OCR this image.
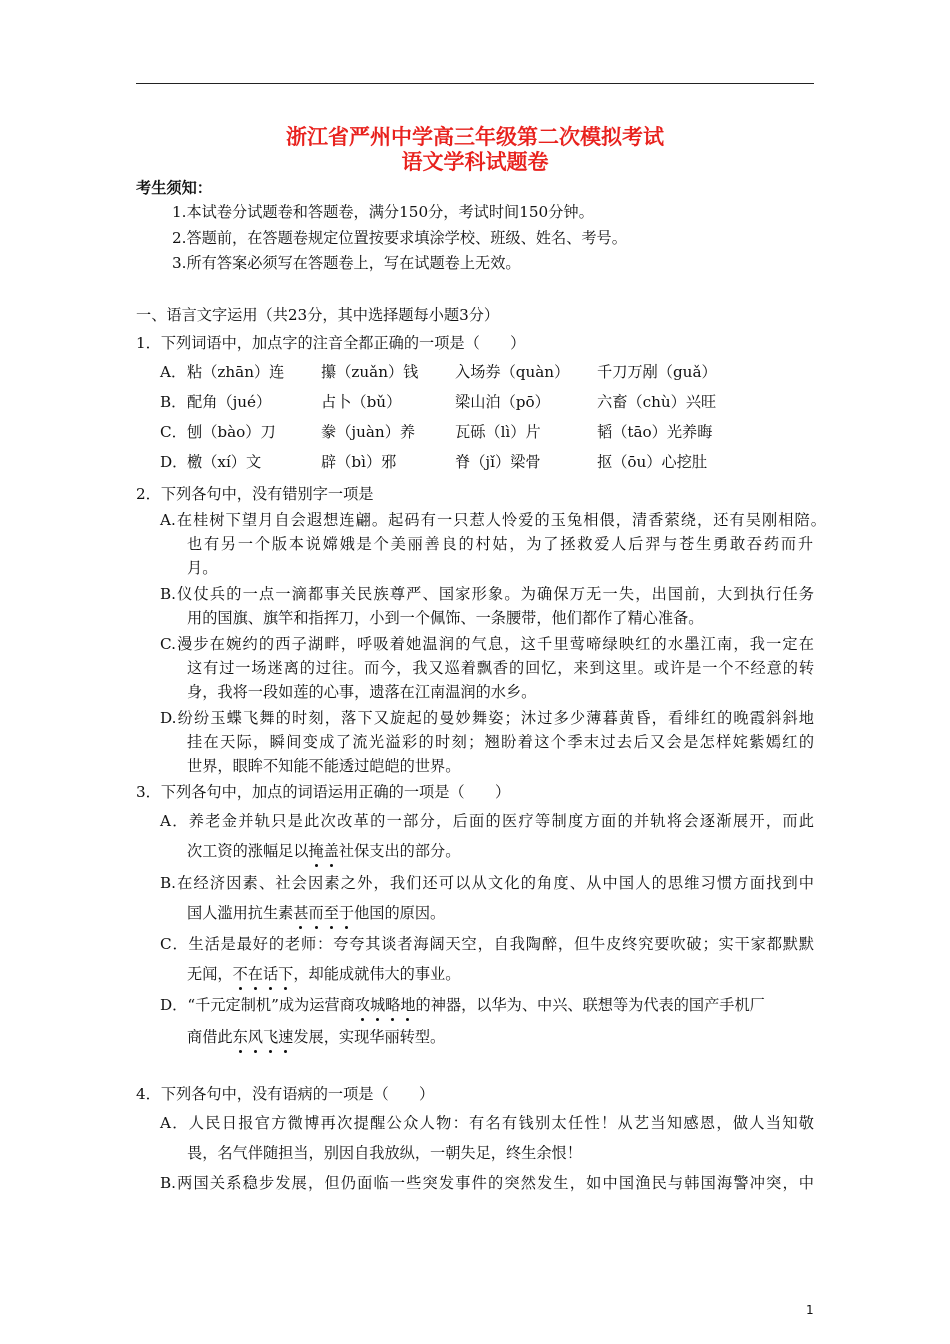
浙江省严州中学高三年级第二次模拟考试
语文学科试题卷
考生须知：
1.本试卷分试题卷和答题卷，满分150分，考试时间150分钟。
2.答题前，在答题卷规定位置按要求填涂学校、班级、姓名、考号。
3.所有答案必须写在答题卷上，写在试题卷上无效。
一、语言文字运用（共23分，其中选择题每小题3分）
1．下列词语中，加点字的注音全都正确的一项是（　　）
A． 粘（zhān）连 攥（zuǎn）钱 入场券（quàn） 千刀万剐（guǎ）
B． 配角（jué）	占卜（bǔ）	梁山泊（pō）	六畜（chù）兴旺
C． 刨（bào）刀	豢（juàn）养	瓦砾（lì）片	韬（tāo）光养晦
D． 檄（xí）文	辟（bì）邪	脊（jǐ）梁骨	抠（ōu）心挖肚
2．下列各句中，没有错别字一项是
A.在桂树下望月自会遐想连翩。起码有一只惹人怜爱的玉兔相偎，清香萦绕，还有吴刚相陪。
也有另一个版本说嫦娥是个美丽善良的村姑，为了拯救爱人后羿与苍生勇敢吞药而升
月。
B.仪仗兵的一点一滴都事关民族尊严、国家形象。为确保万无一失，出国前，大到执行任务
用的国旗、旗竿和指挥刀，小到一个佩饰、一条腰带，他们都作了精心准备。
C.漫步在婉约的西子湖畔，呼吸着她温润的气息，这千里莺啼绿映红的水墨江南，我一定在
这有过一场迷离的过往。而今，我又巡着飘香的回忆，来到这里。或许是一个不经意的转
身，我将一段如莲的心事，遗落在江南温润的水乡。
D.纷纷玉蝶飞舞的时刻，落下又旋起的曼妙舞姿；沐过多少薄暮黄昏，看绯红的晚霞斜斜地
挂在天际，瞬间变成了流光溢彩的时刻；翘盼着这个季末过去后又会是怎样姹紫嫣红的
世界，眼眸不知能不能透过皑皑的世界。
3．下列各句中，加点的词语运用正确的一项是（　　）
A．养老金并轨只是此次改革的一部分，后面的医疗等制度方面的并轨将会逐渐展开，而此
次工资的涨幅足以掩盖社保支出的部分。
B.在经济因素、社会因素之外，我们还可以从文化的角度、从中国人的思维习惯方面找到中
国人滥用抗生素甚而至于他国的原因。
C．生活是最好的老师：夸夸其谈者海阔天空，自我陶醉，但牛皮终究要吹破；实干家都默默
无闻，不在话下，却能成就伟大的事业。
D．“千元定制机”成为运营商攻城略地的神器，以华为、中兴、联想等为代表的国产手机厂
商借此东风飞速发展，实现华丽转型。
4．下列各句中，没有语病的一项是（　　）
A．人民日报官方微博再次提醒公众人物：有名有钱别太任性！从艺当知感恩，做人当知敬
畏，名气伴随担当，别因自我放纵，一朝失足，终生余恨！
B.两国关系稳步发展，但仍面临一些突发事件的突然发生，如中国渔民与韩国海警冲突，中
1
